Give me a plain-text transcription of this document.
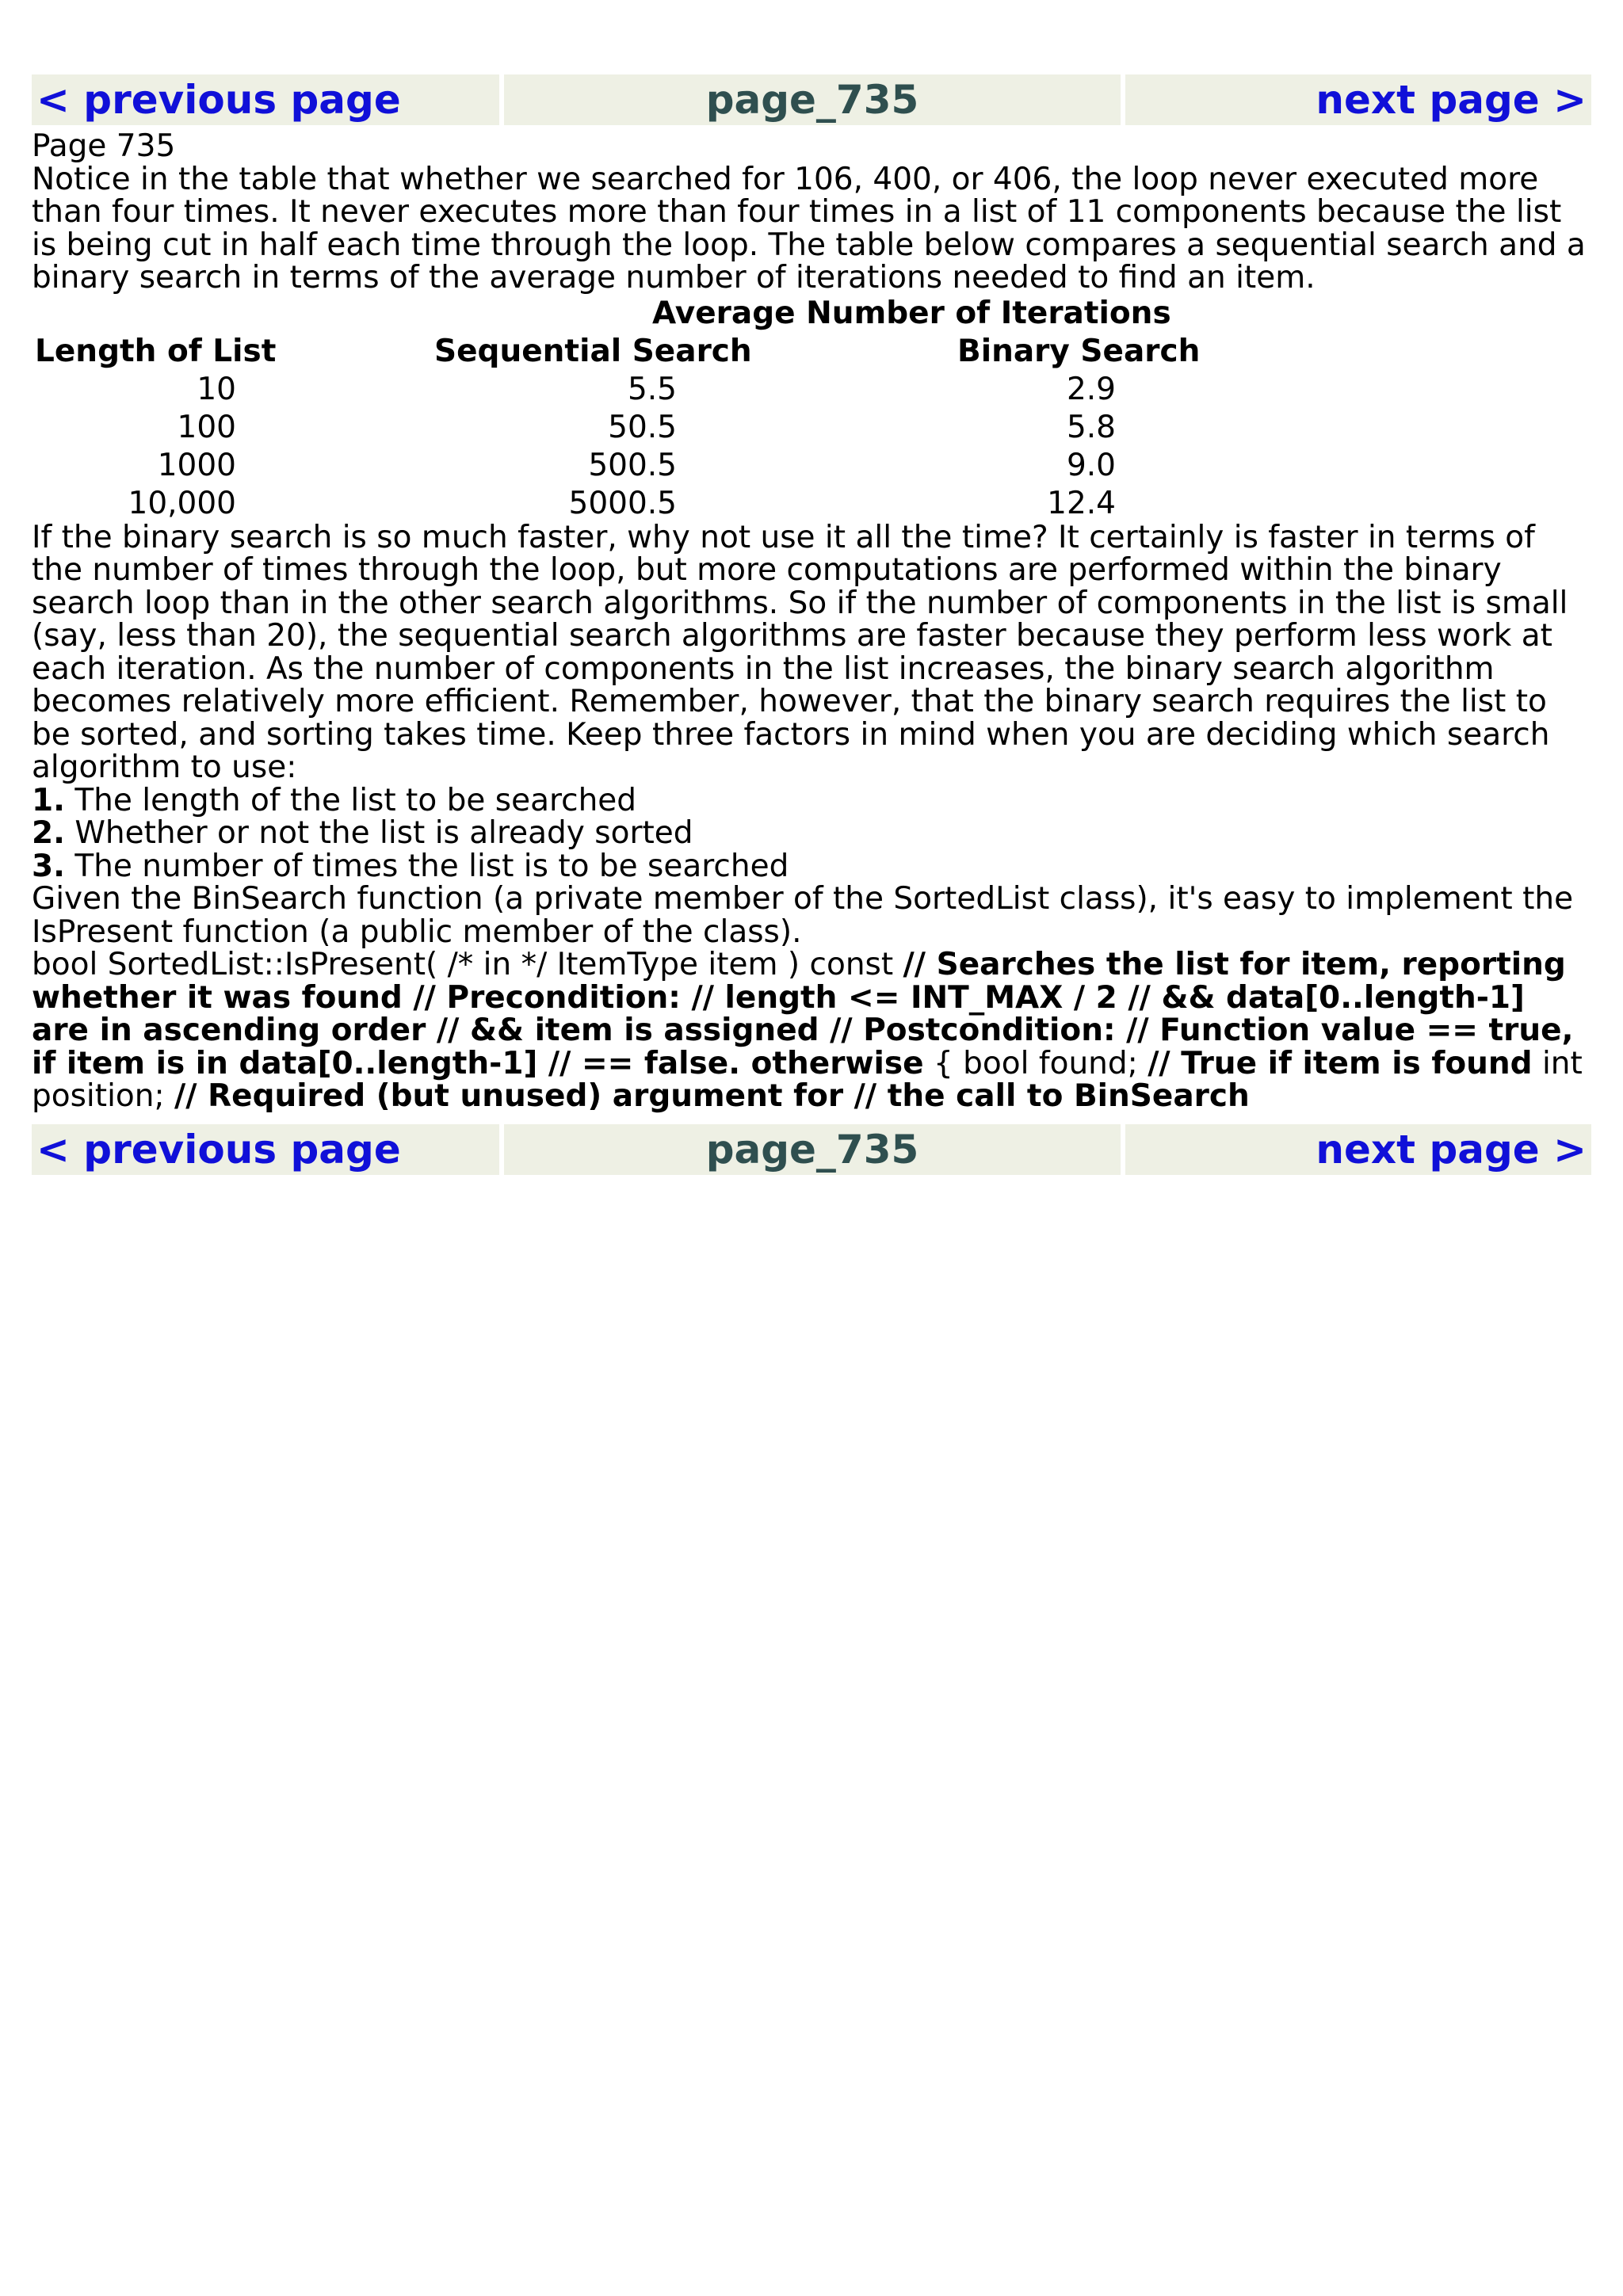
< previous page	page_735	next page >

Page 735

Notice in the table that whether we searched for 106, 400, or 406, the loop never executed more than four times. It never executes more than four times in a list of 11 components because the list is being cut in half each time through the loop. The table below compares a sequential search and a binary search in terms of the average number of iterations needed to find an item.

Average Number of Iterations
Length of List	Sequential Search	Binary Search
10	5.5	2.9
100	50.5	5.8
1000	500.5	9.0
10,000	5000.5	12.4

If the binary search is so much faster, why not use it all the time? It certainly is faster in terms of the number of times through the loop, but more computations are performed within the binary search loop than in the other search algorithms. So if the number of components in the list is small (say, less than 20), the sequential search algorithms are faster because they perform less work at each iteration. As the number of components in the list increases, the binary search algorithm becomes relatively more efficient. Remember, however, that the binary search requires the list to be sorted, and sorting takes time. Keep three factors in mind when you are deciding which search algorithm to use:

1. The length of the list to be searched

2. Whether or not the list is already sorted

3. The number of times the list is to be searched

Given the BinSearch function (a private member of the SortedList class), it's easy to implement the IsPresent function (a public member of the class).

bool SortedList::IsPresent( /* in */ ItemType item ) const // Searches the list for item, reporting whether it was found // Precondition: // length <= INT_MAX / 2 // && data[0..length-1] are in ascending order // && item is assigned // Postcondition: // Function value == true, if item is in data[0..length-1] // == false. otherwise { bool found; // True if item is found int position; // Required (but unused) argument for // the call to BinSearch

< previous page	page_735	next page >
